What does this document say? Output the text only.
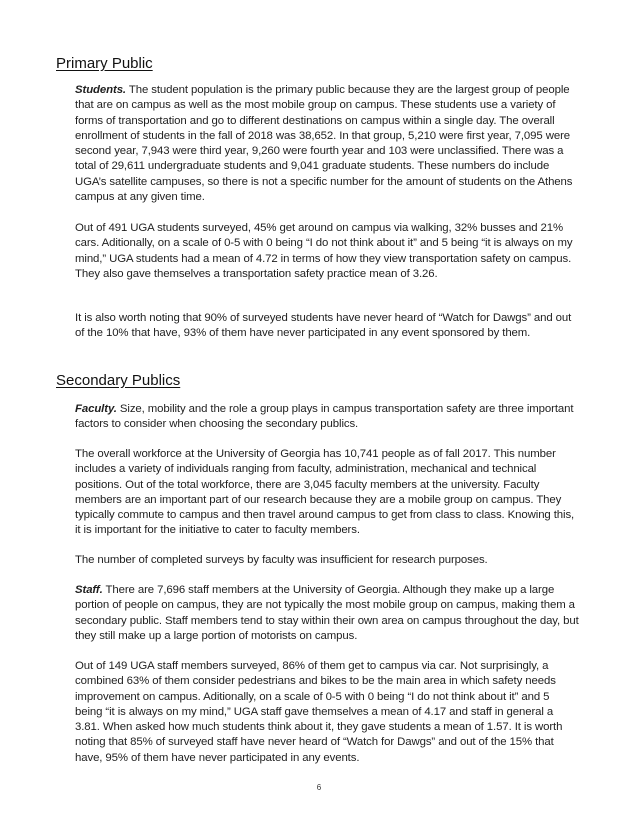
Primary Public

Students. The student population is the primary public because they are the largest group of people that are on campus as well as the most mobile group on campus. These students use a variety of forms of transportation and go to different destinations on campus within a single day. The overall enrollment of students in the fall of 2018 was 38,652. In that group, 5,210 were first year, 7,095 were second year, 7,943 were third year, 9,260 were fourth year and 103 were unclassified. There was a total of 29,611 undergraduate students and 9,041 graduate students. These numbers do include UGA’s satellite campuses, so there is not a specific number for the amount of students on the Athens campus at any given time.

Out of 491 UGA students surveyed, 45% get around on campus via walking, 32% busses and 21% cars. Aditionally, on a scale of 0-5 with 0 being “I do not think about it” and 5 being “it is always on my mind,” UGA students had a mean of 4.72 in terms of how they view transportation safety on campus. They also gave themselves a transportation safety practice mean of 3.26.

It is also worth noting that 90% of surveyed students have never heard of “Watch for Dawgs” and out of the 10% that have, 93% of them have never participated in any event sponsored by them.

Secondary Publics

Faculty. Size, mobility and the role a group plays in campus transportation safety are three important factors to consider when choosing the secondary publics.

The overall workforce at the University of Georgia has 10,741 people as of fall 2017. This number includes a variety of individuals ranging from faculty, administration, mechanical and technical positions. Out of the total workforce, there are 3,045 faculty members at the university. Faculty members are an important part of our research because they are a mobile group on campus. They typically commute to campus and then travel around campus to get from class to class. Knowing this, it is important for the initiative to cater to faculty members.

The number of completed surveys by faculty was insufficient for research purposes.

Staff. There are 7,696 staff members at the University of Georgia. Although they make up a large portion of people on campus, they are not typically the most mobile group on campus, making them a secondary public. Staff members tend to stay within their own area on campus throughout the day, but they still make up a large portion of motorists on campus.

Out of 149 UGA staff members surveyed, 86% of them get to campus via car. Not surprisingly, a combined 63% of them consider pedestrians and bikes to be the main area in which safety needs improvement on campus. Aditionally, on a scale of 0-5 with 0 being “I do not think about it” and 5 being “it is always on my mind,” UGA staff gave themselves a mean of 4.17 and staff in general a 3.81. When asked how much students think about it, they gave students a mean of 1.57. It is worth noting that 85% of surveyed staff have never heard of “Watch for Dawgs” and out of the 15% that have, 95% of them have never participated in any events.

6
